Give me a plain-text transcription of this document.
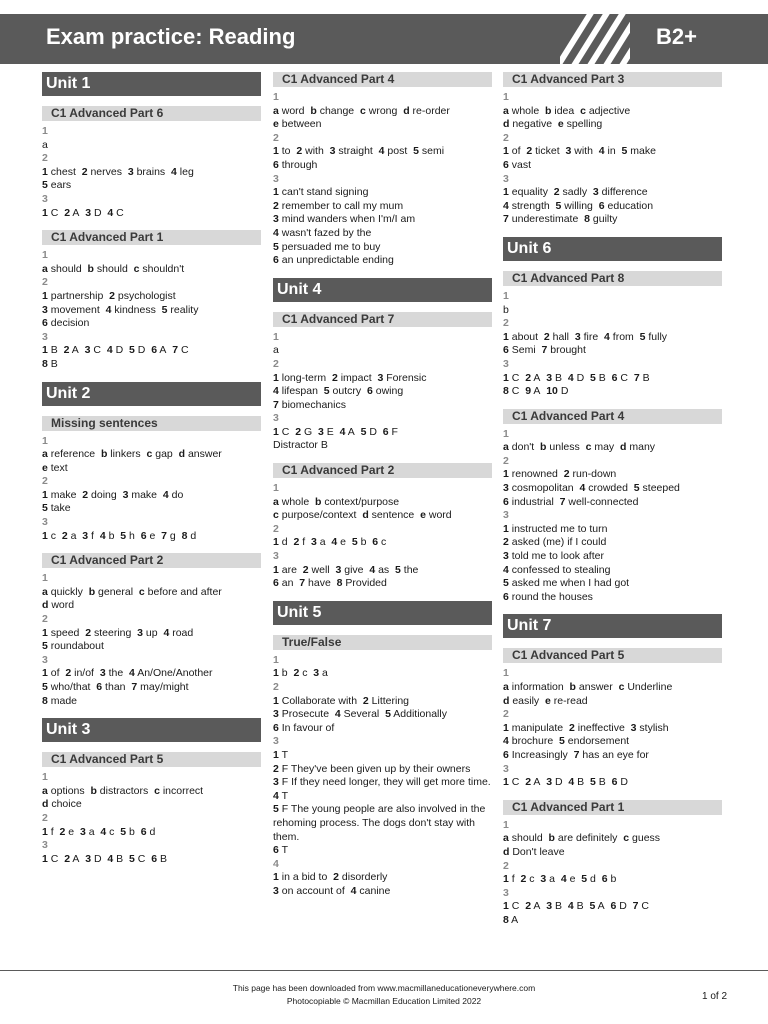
Exam practice: Reading	B2+
Unit 1
C1 Advanced Part 6
1
a
2
1 chest  2 nerves  3 brains  4 leg
5 ears
3
1 C  2 A  3 D  4 C
C1 Advanced Part 1
1
a should  b should  c shouldn't
2
1 partnership  2 psychologist
3 movement  4 kindness  5 reality
6 decision
3
1 B  2 A  3 C  4 D  5 D  6 A  7 C
8 B
Unit 2
Missing sentences
1
a reference  b linkers  c gap  d answer
e text
2
1 make  2 doing  3 make  4 do
5 take
3
1 c  2 a  3 f  4 b  5 h  6 e  7 g  8 d
C1 Advanced Part 2
1
a quickly  b general  c before and after
d word
2
1 speed  2 steering  3 up  4 road
5 roundabout
3
1 of  2 in/of  3 the  4 An/One/Another
5 who/that  6 than  7 may/might
8 made
Unit 3
C1 Advanced Part 5
1
a options  b distractors  c incorrect
d choice
2
1 f  2 e  3 a  4 c  5 b  6 d
3
1 C  2 A  3 D  4 B  5 C  6 B
C1 Advanced Part 4
1
a word  b change  c wrong  d re-order
e between
2
1 to  2 with  3 straight  4 post  5 semi
6 through
3
1 can't stand signing
2 remember to call my mum
3 mind wanders when I'm/I am
4 wasn't fazed by the
5 persuaded me to buy
6 an unpredictable ending
Unit 4
C1 Advanced Part 7
1
a
2
1 long-term  2 impact  3 Forensic
4 lifespan  5 outcry  6 owing
7 biomechanics
3
1 C  2 G  3 E  4 A  5 D  6 F
Distractor B
C1 Advanced Part 2
1
a whole  b context/purpose
c purpose/context  d sentence  e word
2
1 d  2 f  3 a  4 e  5 b  6 c
3
1 are  2 well  3 give  4 as  5 the
6 an  7 have  8 Provided
Unit 5
True/False
1
1 b  2 c  3 a
2
1 Collaborate with  2 Littering
3 Prosecute  4 Several  5 Additionally
6 In favour of
3
1 T
2 F They've been given up by their owners
3 F If they need longer, they will get more time.
4 T
5 F The young people are also involved in the rehoming process. The dogs don't stay with them.
6 T
4
1 in a bid to  2 disorderly
3 on account of  4 canine
C1 Advanced Part 3
1
a whole  b idea  c adjective
d negative  e spelling
2
1 of  2 ticket  3 with  4 in  5 make
6 vast
3
1 equality  2 sadly  3 difference
4 strength  5 willing  6 education
7 underestimate  8 guilty
Unit 6
C1 Advanced Part 8
1
b
2
1 about  2 hall  3 fire  4 from  5 fully
6 Semi  7 brought
3
1 C  2 A  3 B  4 D  5 B  6 C  7 B
8 C  9 A  10 D
C1 Advanced Part 4
1
a don't  b unless  c may  d many
2
1 renowned  2 run-down
3 cosmopolitan  4 crowded  5 steeped
6 industrial  7 well-connected
3
1 instructed me to turn
2 asked (me) if I could
3 told me to look after
4 confessed to stealing
5 asked me when I had got
6 round the houses
Unit 7
C1 Advanced Part 5
1
a information  b answer  c Underline
d easily  e re-read
2
1 manipulate  2 ineffective  3 stylish
4 brochure  5 endorsement
6 Increasingly  7 has an eye for
3
1 C  2 A  3 D  4 B  5 B  6 D
C1 Advanced Part 1
1
a should  b are definitely  c guess
d Don't leave
2
1 f  2 c  3 a  4 e  5 d  6 b
3
1 C  2 A  3 B  4 B  5 A  6 D  7 C
8 A
This page has been downloaded from www.macmillaneducationeverywhere.com
Photocopiable © Macmillan Education Limited 2022	1 of 2
